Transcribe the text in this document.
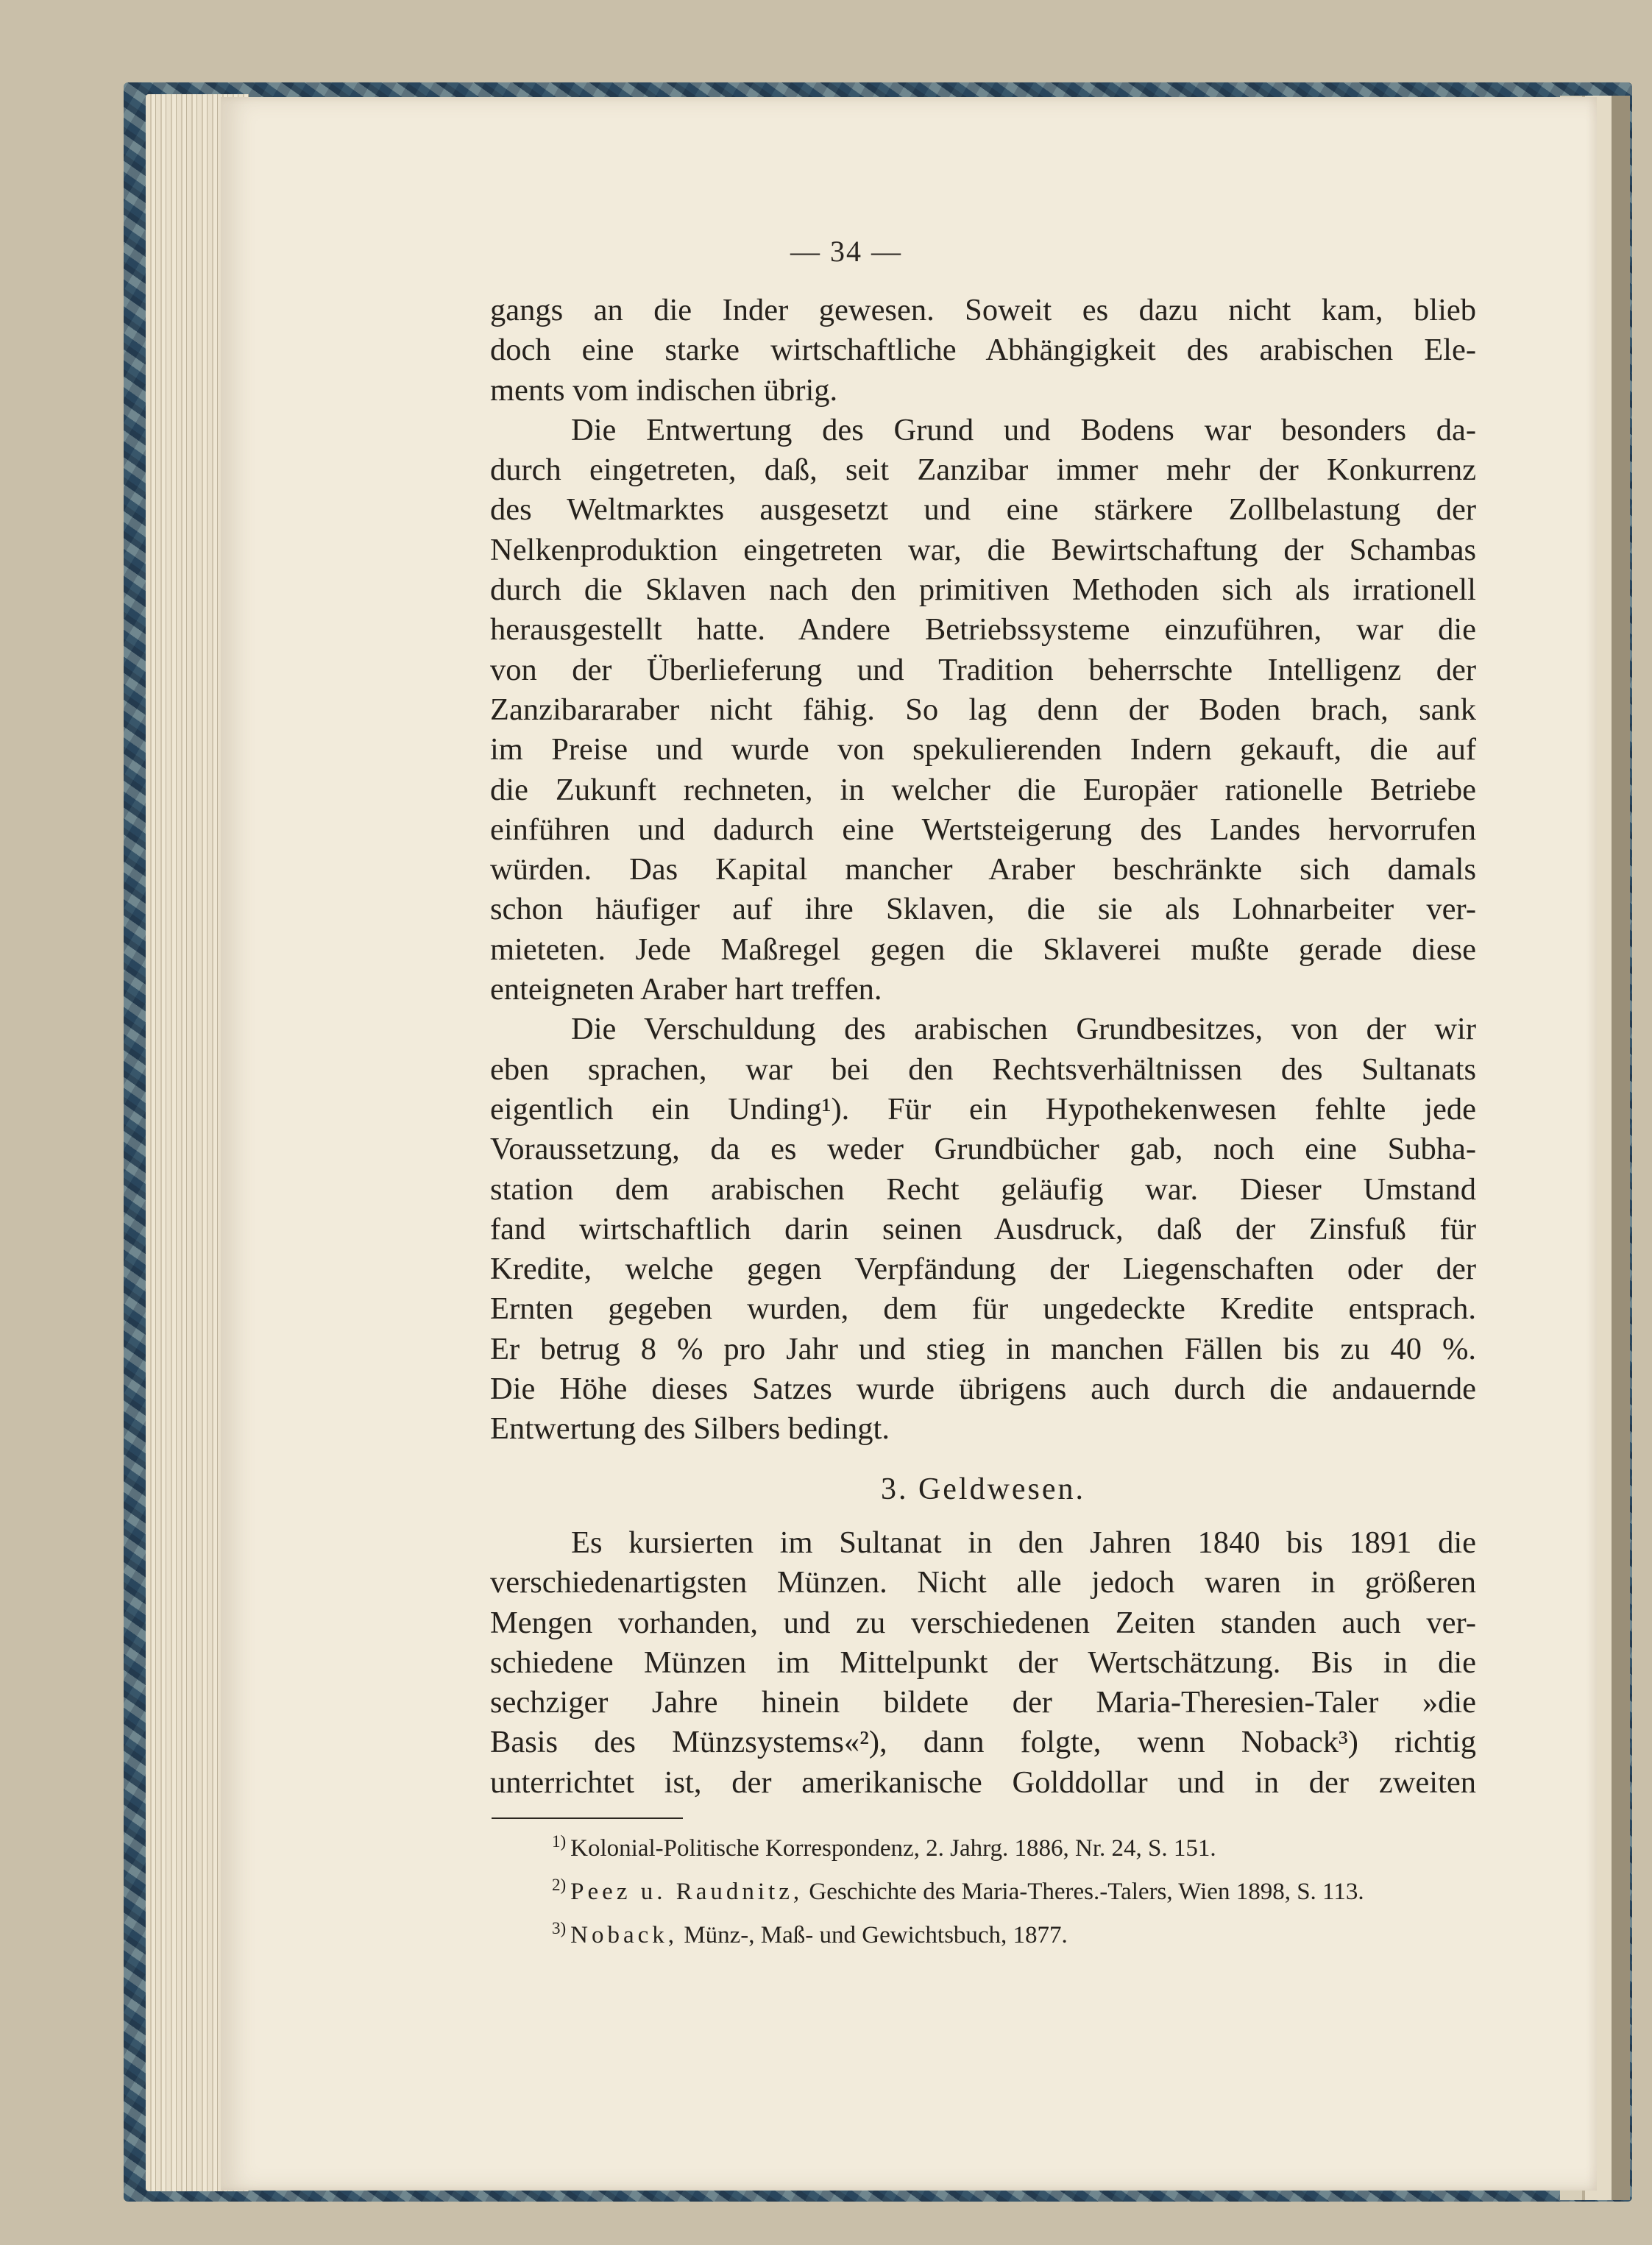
— 34 —

gangs an die Inder gewesen. Soweit es dazu nicht kam, blieb
doch eine starke wirtschaftliche Abhängigkeit des arabischen Ele-

ments vom indischen übrig.

Die Entwertung des Grund und Bodens war besonders da-

durch eingetreten, daß, seit Zanzibar immer mehr der Konkurrenz

des Weltmarktes ausgesetzt und eine stärkere Zollbelastung der

Nelkenproduktion eingetreten war, die Bewirtschaftung der Schambas

durch die Sklaven nach den primitiven Methoden sich als irrationell

herausgestellt hatte. Andere Betriebssysteme einzuführen, war die

von der Überlieferung und Tradition beherrschte Intelligenz der

Zanzibararaber nicht fähig. So lag denn der Boden brach, sank

im Preise und wurde von spekulierenden Indern gekauft, die auf

die Zukunft rechneten, in welcher die Europäer rationelle Betriebe

einführen und dadurch eine Wertsteigerung des Landes hervorrufen

würden. Das Kapital mancher Araber beschränkte sich damals

schon häufiger auf ihre Sklaven, die sie als Lohnarbeiter ver-

mieteten. Jede Maßregel gegen die Sklaverei mußte gerade diese

enteigneten Araber hart treffen.

Die Verschuldung des arabischen Grundbesitzes, von der wir

eben sprachen, war bei den Rechtsverhältnissen des Sultanats

eigentlich ein Unding¹). Für ein Hypothekenwesen fehlte jede

Voraussetzung, da es weder Grundbücher gab, noch eine Subha-

station dem arabischen Recht geläufig war. Dieser Umstand

fand wirtschaftlich darin seinen Ausdruck, daß der Zinsfuß für

Kredite, welche gegen Verpfändung der Liegenschaften oder der

Ernten gegeben wurden, dem für ungedeckte Kredite entsprach.

Er betrug 8 % pro Jahr und stieg in manchen Fällen bis zu 40 %.

Die Höhe dieses Satzes wurde übrigens auch durch die andauernde

Entwertung des Silbers bedingt.

3. Geldwesen.

Es kursierten im Sultanat in den Jahren 1840 bis 1891 die

verschiedenartigsten Münzen. Nicht alle jedoch waren in größeren

Mengen vorhanden, und zu verschiedenen Zeiten standen auch ver-

schiedene Münzen im Mittelpunkt der Wertschätzung. Bis in die

sechziger Jahre hinein bildete der Maria-Theresien-Taler »die

Basis des Münzsystems«²), dann folgte, wenn Noback³) richtig

unterrichtet ist, der amerikanische Golddollar und in der zweiten

$^{1)}$ Kolonial-Politische Korrespondenz, 2. Jahrg. 1886, Nr. 24, S. 151.
$^{2)}$ Peez u. Raudnitz, Geschichte des Maria-Theres.-Talers, Wien 1898, S. 113.
$^{3)}$ Noback, Münz-, Maß- und Gewichtsbuch, 1877.
